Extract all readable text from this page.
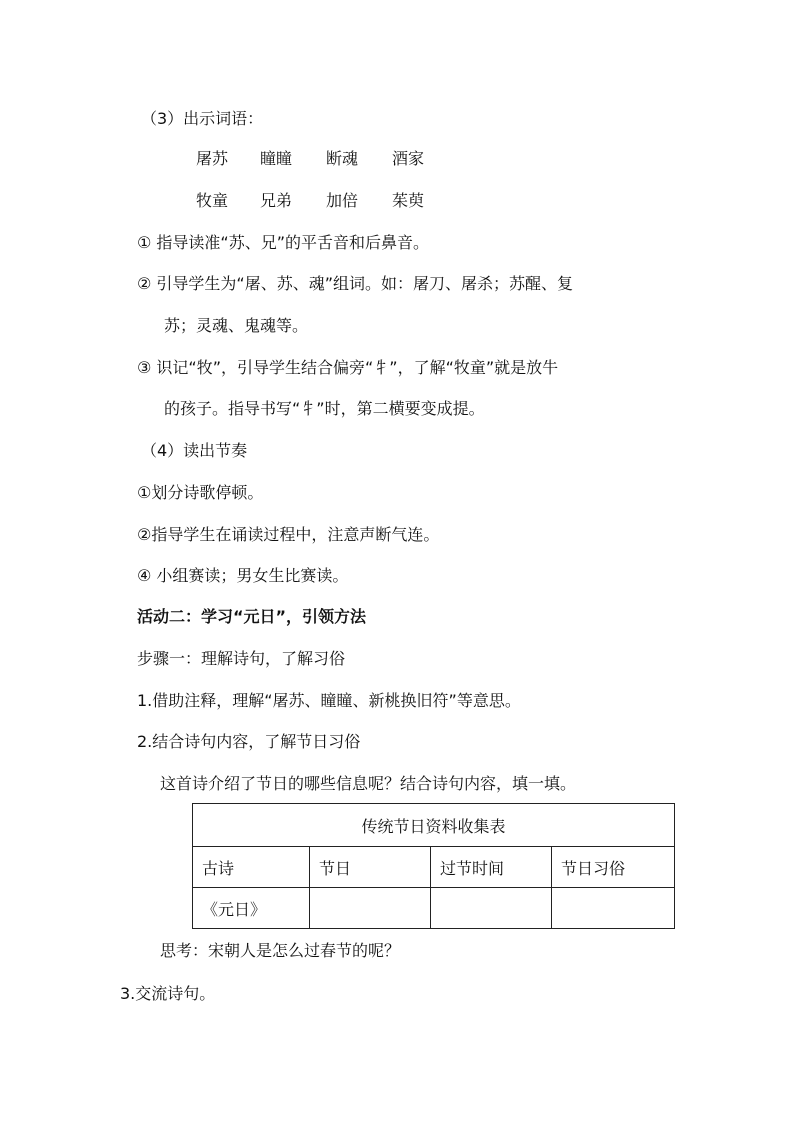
（3）出示词语：
屠苏 瞳瞳 断魂 酒家
牧童 兄弟 加倍 茱萸
① 指导读准“苏、兄”的平舌音和后鼻音。
② 引导学生为“屠、苏、魂”组词。如：屠刀、屠杀；苏醒、复
苏；灵魂、鬼魂等。
③ 识记“牧”，引导学生结合偏旁“牜”，了解“牧童”就是放牛
的孩子。指导书写“牜”时，第二横要变成提。
（4）读出节奏
①划分诗歌停顿。
②指导学生在诵读过程中，注意声断气连。
④ 小组赛读；男女生比赛读。
活动二：学习“元日”，引领方法
步骤一：理解诗句，了解习俗
1.借助注释，理解“屠苏、瞳瞳、新桃换旧符”等意思。
2.结合诗句内容，了解节日习俗
这首诗介绍了节日的哪些信息呢？结合诗句内容，填一填。
传统节日资料收集表			
古诗	节日	过节时间	节日习俗
《元日》			
思考：宋朝人是怎么过春节的呢？
3.交流诗句。
